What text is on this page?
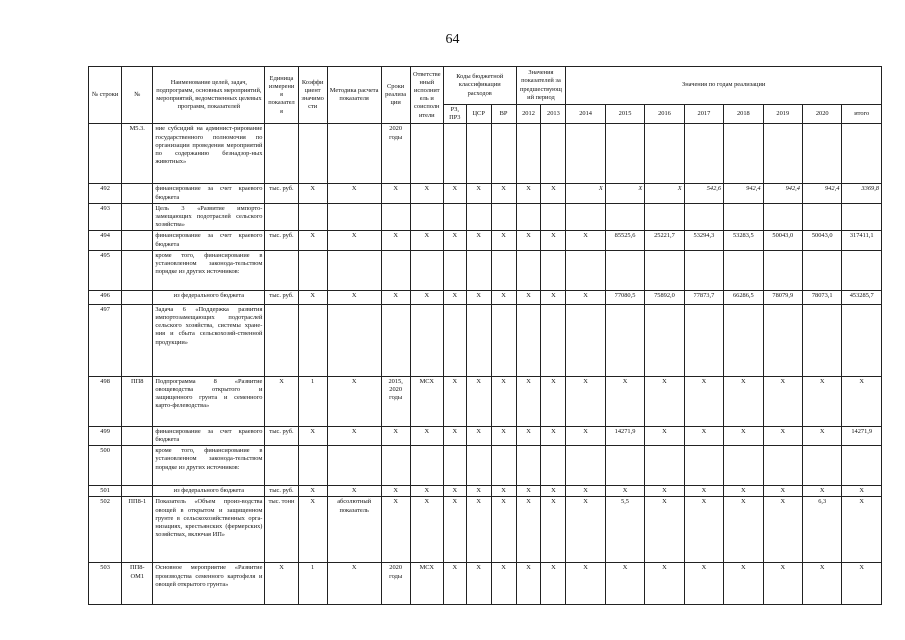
64
№ строки	№	Наименование целей, задач, подпрограмм, основных мероприятий, мероприятий, ведомственных целевых программ, показателей	Единица измерения показателя	Коэффициент значимости	Методика расчета показателя	Сроки реализации	Ответственный исполнитель и соисполнители	Коды бюджетной классификации расходов			Значения показателей за предшествующий период		Значения по годам реализации							
								РЗ, ПР3	ЦСР	ВР	2012	2013	2014	2015	2016	2017	2018	2019	2020	итого
	М5.3.	ние субсидий на админист-рирование государственного полномочия по организации проведения мероприятий по содержанию безнадзор-ных животных»				2020 годы														
492		финансирование за счет краевого бюджета	тыс. руб.	Х	Х	Х	Х	Х	Х	Х	Х	Х	Х	Х	Х	542,6	942,4	942,4	942,4	3369,8
493		Цель 3 «Развитие импорто-замещающих подотраслей сельского хозяйства»																		
494		финансирование за счет краевого бюджета	тыс. руб.	Х	Х	Х	Х	Х	Х	Х	Х	Х	Х	85525,6	25221,7	53294,3	53283,5	50043,0	50043,0	317411,1
495		кроме того, финансирование в установленном законода-тельством порядке из других источников:																		
496		из федерального бюджета	тыс. руб.	Х	Х	Х	Х	Х	Х	Х	Х	Х	Х	77080,5	75892,0	77873,7	66286,5	78079,9	78073,1	453285,7
497		Задача 6 «Поддержка развития импортозамещающих подотраслей сельского хозяйства, системы хране-ния и сбыта сельскохозяй-ственной продукции»																		
498	ПП8	Подпрограмма 8 «Развитие овощеводства открытого и защищенного грунта и семенного карто-фелеводства»	Х	1	Х	2015, 2020 годы	МСХ	Х	Х	Х	Х	Х	Х	Х	Х	Х	Х	Х	Х	Х
499		финансирование за счет краевого бюджета	тыс. руб.	Х	Х	Х	Х	Х	Х	Х	Х	Х	Х	14271,9	Х	Х	Х	Х	Х	14271,9
500		кроме того, финансирование в установленном законода-тельством порядке из других источников:																		
501		из федерального бюджета	тыс. руб.	Х	Х	Х	Х	Х	Х	Х	Х	Х	Х	Х	Х	Х	Х	Х	Х	Х
502	ПП8-1	Показатель «Объем произ-водства овощей в открытом и защищенном грунте в сельскохозяйственных орга-низациях, крестьянских (фермерских) хозяйствах, включая ИП»	тыс. тонн	Х	абсолютный показатель	Х	Х	Х	Х	Х	Х	Х	Х	5,5	Х	Х	Х	Х	6,3	Х
503	ПП8-ОМ1	Основное мероприятие «Развитие производства семенного картофеля и овощей открытого грунта»	Х	1	Х	2020 годы	МСХ	Х	Х	Х	Х	Х	Х	Х	Х	Х	Х	Х	Х	Х
